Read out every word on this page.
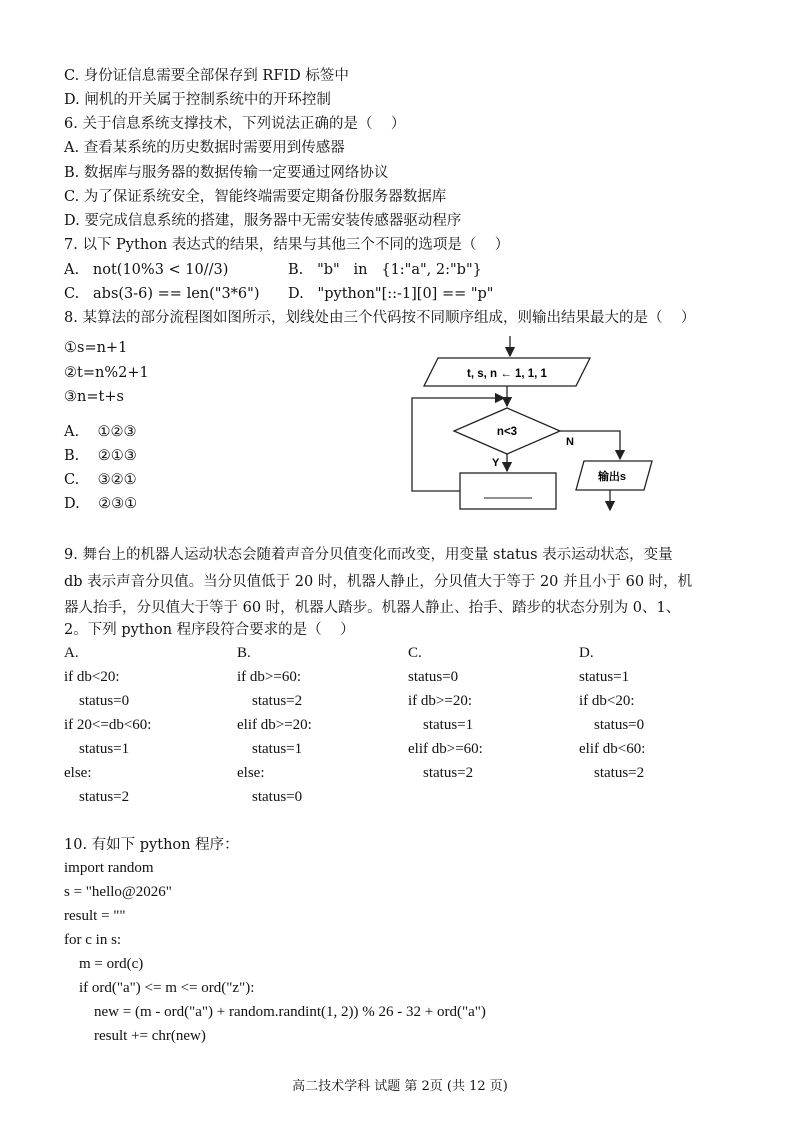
C. 身份证信息需要全部保存到 RFID 标签中
D. 闸机的开关属于控制系统中的开环控制
6. 关于信息系统支撑技术，下列说法正确的是（    ）
A. 查看某系统的历史数据时需要用到传感器
B. 数据库与服务器的数据传输一定要通过网络协议
C. 为了保证系统安全，智能终端需要定期备份服务器数据库
D. 要完成信息系统的搭建，服务器中无需安装传感器驱动程序
7. 以下 Python 表达式的结果，结果与其他三个不同的选项是（    ）
A.   not(10%3 < 10//3)	B.   "b"   in   {1:"a", 2:"b"}
C.   abs(3-6) == len("3*6") D.   "python"[::-1][0] == "p"
8. 某算法的部分流程图如图所示，划线处由三个代码按不同顺序组成，则输出结果最大的是（    ）
①s=n+1
②t=n%2+1
③n=t+s
A.    ①②③
B.    ②①③
C.    ③②①
D.    ②③①
t, s, n ← 1, 1, 1
n<3
Y
N
输出s
9. 舞台上的机器人运动状态会随着声音分贝值变化而改变，用变量 status 表示运动状态，变量
db 表示声音分贝值。当分贝值低于 20 时，机器人静止，分贝值大于等于 20 并且小于 60 时，机
器人抬手，分贝值大于等于 60 时，机器人踏步。机器人静止、抬手、踏步的状态分别为 0、1、
2。下列 python 程序段符合要求的是（    ）
A.
if db<20:
status=0
if 20<=db<60:
status=1
else:
status=2
B.
if db>=60:
status=2
elif db>=20:
status=1
else:
status=0
C.
status=0
if db>=20:
status=1
elif db>=60:
status=2
D.
status=1
if db<20:
status=0
elif db<60:
status=2
10. 有如下 python 程序：
import random
s = "hello@2026"
result = ""
for c in s:
m = ord(c)
if ord("a") <= m <= ord("z"):
new = (m - ord("a") + random.randint(1, 2)) % 26 - 32 + ord("a")
result += chr(new)
高二技术学科 试题 第 2页 (共 12 页)
